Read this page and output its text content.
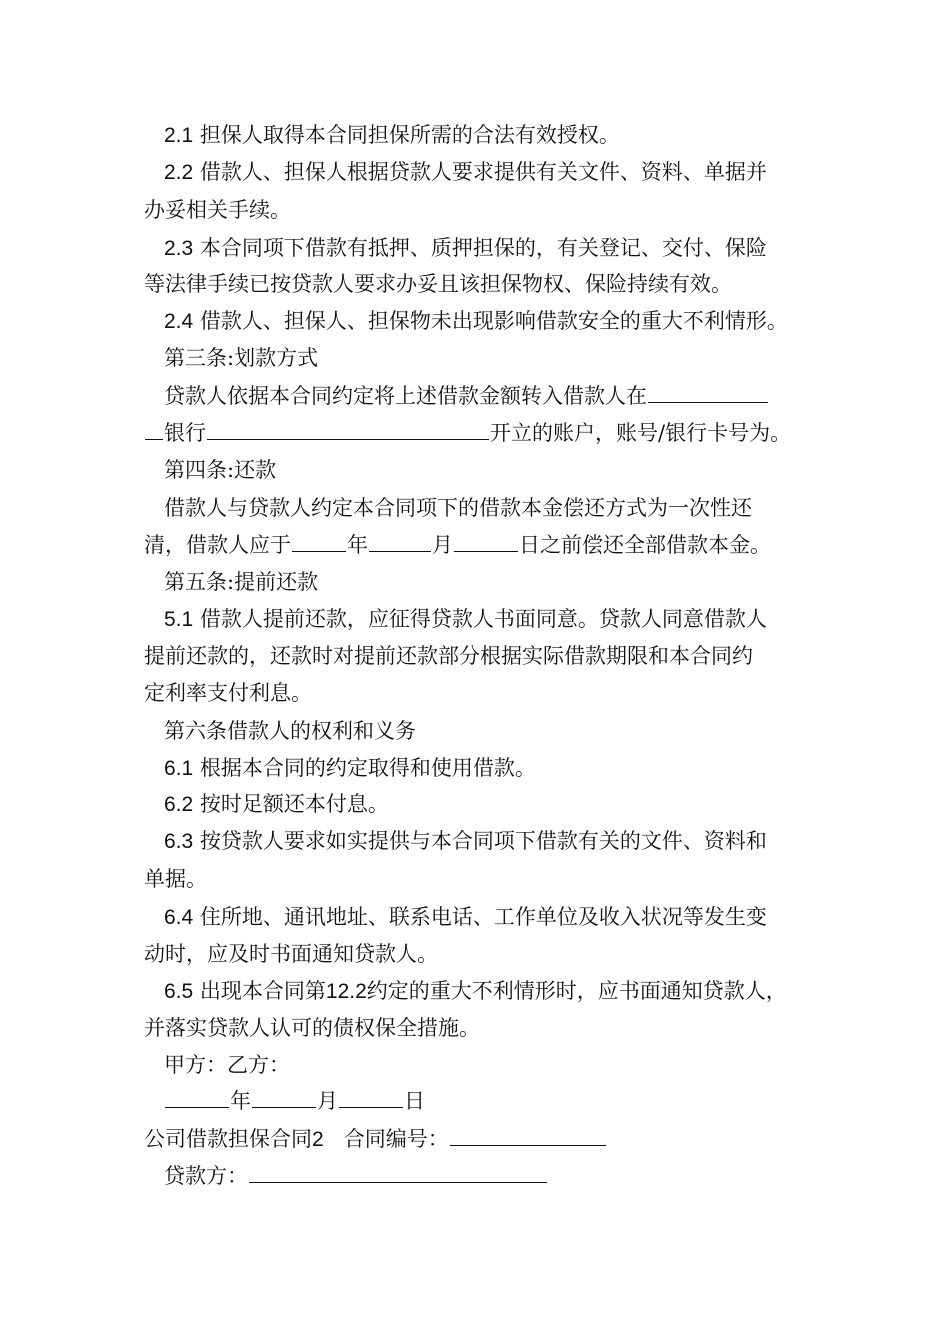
2.1 担保人取得本合同担保所需的合法有效授权。
2.2 借款人、担保人根据贷款人要求提供有关文件、资料、单据并
办妥相关手续。
2.3 本合同项下借款有抵押、质押担保的，有关登记、交付、保险
等法律手续已按贷款人要求办妥且该担保物权、保险持续有效。
2.4 借款人、担保人、担保物未出现影响借款安全的重大不利情形。
第三条:划款方式
贷款人依据本合同约定将上述借款金额转入借款人在
银行	开立的账户，账号/银行卡号为。
第四条:还款
借款人与贷款人约定本合同项下的借款本金偿还方式为一次性还
清，借款人应于	年	月	日之前偿还全部借款本金。
第五条:提前还款
5.1 借款人提前还款，应征得贷款人书面同意。贷款人同意借款人
提前还款的，还款时对提前还款部分根据实际借款期限和本合同约
定利率支付利息。
第六条借款人的权利和义务
6.1 根据本合同的约定取得和使用借款。
6.2 按时足额还本付息。
6.3 按贷款人要求如实提供与本合同项下借款有关的文件、资料和
单据。
6.4 住所地、通讯地址、联系电话、工作单位及收入状况等发生变
动时，应及时书面通知贷款人。
6.5 出现本合同第12.2约定的重大不利情形时，应书面通知贷款人，
并落实贷款人认可的债权保全措施。
甲方：乙方：
年	月	日
公司借款担保合同2 合同编号：
贷款方：
